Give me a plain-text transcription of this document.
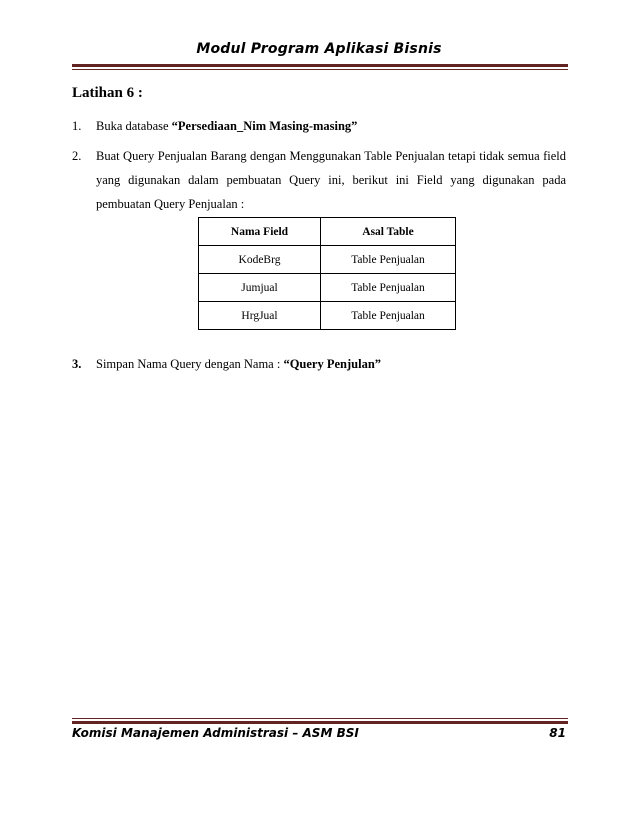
Modul Program Aplikasi Bisnis
Latihan 6 :
1.	Buka database “Persediaan_Nim Masing-masing”
2.	Buat Query Penjualan Barang dengan Menggunakan Table Penjualan tetapi tidak semua field yang digunakan dalam pembuatan Query ini, berikut ini Field yang digunakan pada pembuatan Query Penjualan :
Nama Field	Asal Table
KodeBrg	Table Penjualan
Jumjual	Table Penjualan
HrgJual	Table Penjualan
3.	Simpan Nama Query dengan Nama : “Query Penjulan”
Komisi Manajemen Administrasi – ASM BSI	81
